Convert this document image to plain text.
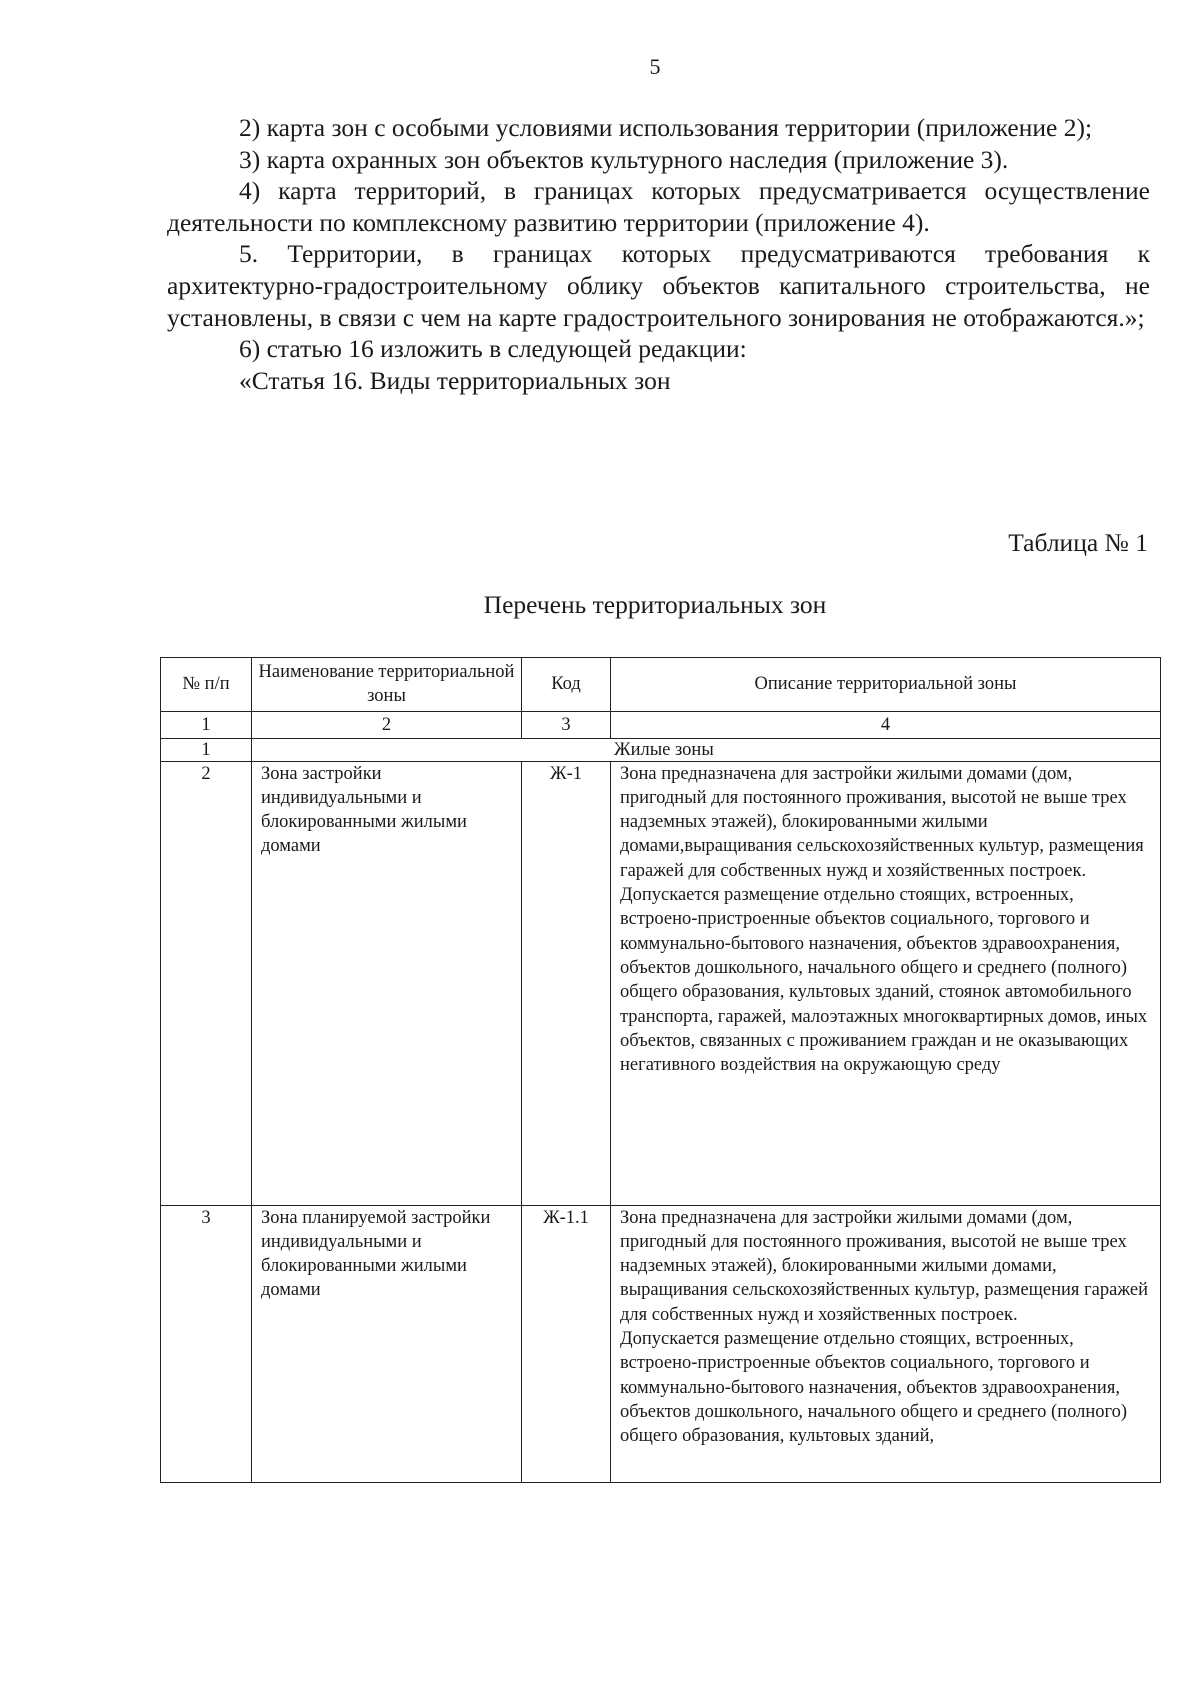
5

2) карта зон с особыми условиями использования территории (приложение 2);

3) карта охранных зон объектов культурного наследия (приложение 3).

4) карта территорий, в границах которых предусматривается осуществление деятельности по комплексному развитию территории (приложение 4).

5. Территории, в границах которых предусматриваются требования к архитектурно-градостроительному облику объектов капитального строительства, не установлены, в связи с чем на карте градостроительного зонирования не отображаются.»;

6) статью 16 изложить в следующей редакции:

«Статья 16. Виды территориальных зон

Таблица № 1
Перечень территориальных зон
№ п/п	Наименование территориальной зоны	Код	Описание территориальной зоны
1	2	3	4
1	Жилые зоны		
2	Зона застройки индивидуальными и блокированными жилыми домами	Ж-1	Зона предназначена для застройки жилыми домами (дом, пригодный для постоянного проживания, высотой не выше трех надземных этажей), блокированными жилыми домами,выращивания сельскохозяйственных культур, размещения гаражей для собственных нужд и хозяйственных построек.
Допускается размещение отдельно стоящих, встроенных, встроено-пристроенные объектов социального, торгового и коммунально-бытового назначения, объектов здравоохранения, объектов дошкольного, начального общего и среднего (полного) общего образования, культовых зданий, стоянок автомобильного транспорта, гаражей, малоэтажных многоквартирных домов, иных объектов, связанных с проживанием граждан и не оказывающих негативного воздействия на окружающую среду
3	Зона планируемой застройки индивидуальными и блокированными жилыми домами	Ж-1.1	Зона предназначена для застройки жилыми домами (дом, пригодный для постоянного проживания, высотой не выше трех надземных этажей), блокированными жилыми домами, выращивания сельскохозяйственных культур, размещения гаражей для собственных нужд и хозяйственных построек.
Допускается размещение отдельно стоящих, встроенных, встроено-пристроенные объектов социального, торгового и коммунально-бытового назначения, объектов здравоохранения, объектов дошкольного, начального общего и среднего (полного) общего образования, культовых зданий,
